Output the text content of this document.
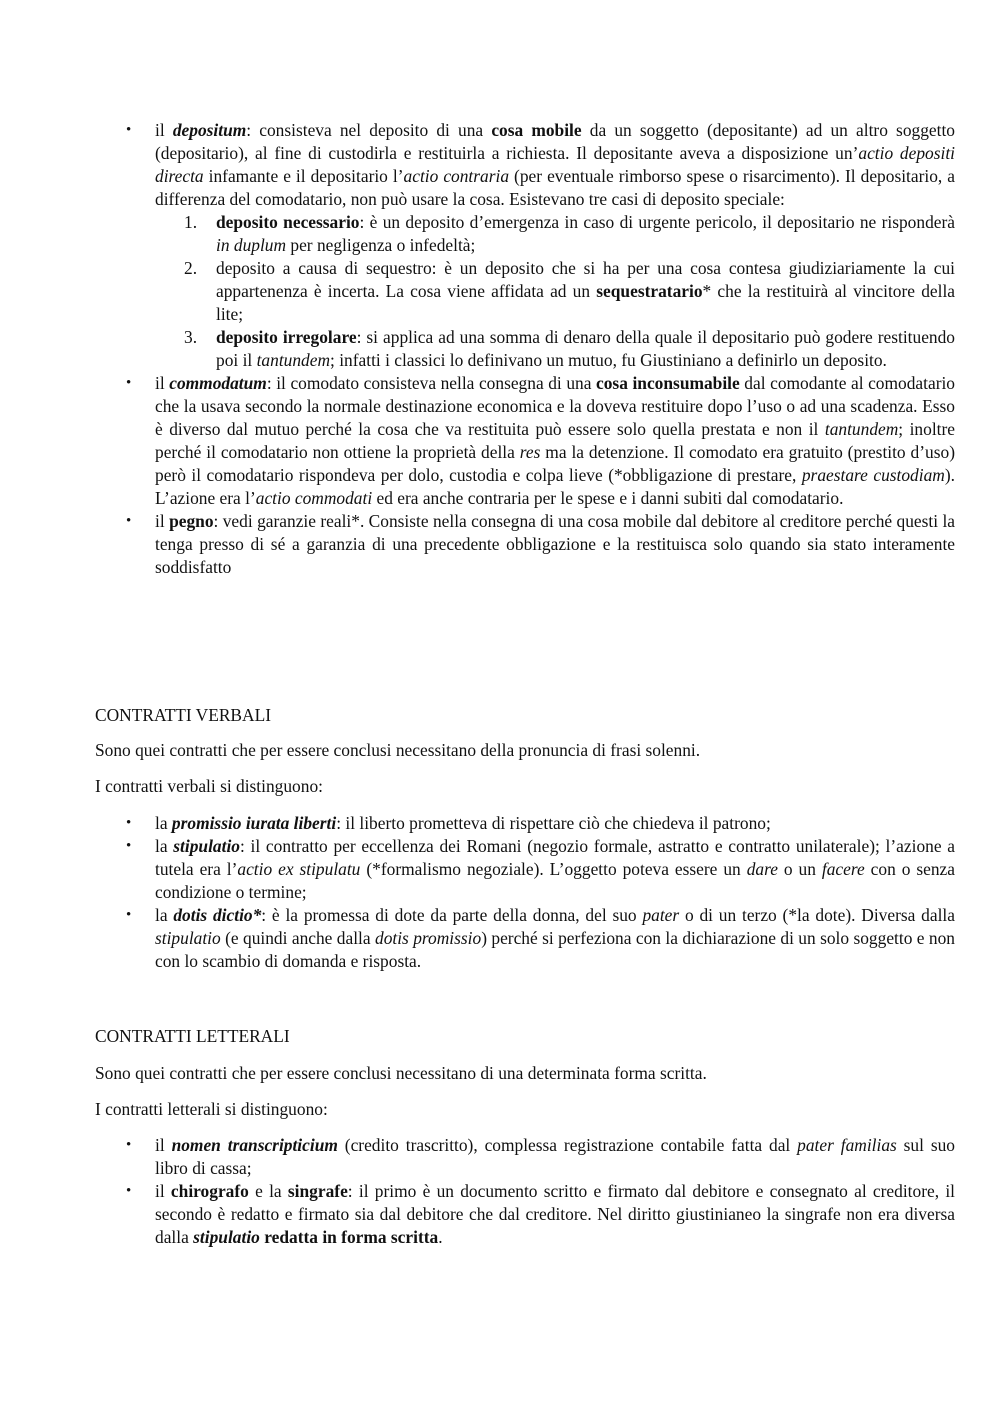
• il depositum: consisteva nel deposito di una cosa mobile da un soggetto (depositante) ad un altro soggetto (depositario), al fine di custodirla e restituirla a richiesta. Il depositante aveva a disposizione un’actio depositi directa infamante e il depositario l’actio contraria (per eventuale rimborso spese o risarcimento). Il depositario, a differenza del comodatario, non può usare la cosa. Esistevano tre casi di deposito speciale:
1. deposito necessario: è un deposito d’emergenza in caso di urgente pericolo, il depositario ne risponderà in duplum per negligenza o infedeltà;
2. deposito a causa di sequestro: è un deposito che si ha per una cosa contesa giudiziariamente la cui appartenenza è incerta. La cosa viene affidata ad un sequestratario* che la restituirà al vincitore della lite;
3. deposito irregolare: si applica ad una somma di denaro della quale il depositario può godere restituendo poi il tantundem; infatti i classici lo definivano un mutuo, fu Giustiniano a definirlo un deposito.
• il commodatum: il comodato consisteva nella consegna di una cosa inconsumabile dal comodante al comodatario che la usava secondo la normale destinazione economica e la doveva restituire dopo l’uso o ad una scadenza. Esso è diverso dal mutuo perché la cosa che va restituita può essere solo quella prestata e non il tantundem; inoltre perché il comodatario non ottiene la proprietà della res ma la detenzione. Il comodato era gratuito (prestito d’uso) però il comodatario rispondeva per dolo, custodia e colpa lieve (*obbligazione di prestare, praestare custodiam). L’azione era l’actio commodati ed era anche contraria per le spese e i danni subiti dal comodatario.
• il pegno: vedi garanzie reali*. Consiste nella consegna di una cosa mobile dal debitore al creditore perché questi la tenga presso di sé a garanzia di una precedente obbligazione e la restituisca solo quando sia stato interamente soddisfatto
CONTRATTI VERBALI

Sono quei contratti che per essere conclusi necessitano della pronuncia di frasi solenni.

I contratti verbali si distinguono:

• la promissio iurata liberti: il liberto prometteva di rispettare ciò che chiedeva il patrono;
• la stipulatio: il contratto per eccellenza dei Romani (negozio formale, astratto e contratto unilaterale); l’azione a tutela era l’actio ex stipulatu (*formalismo negoziale). L’oggetto poteva essere un dare o un facere con o senza condizione o termine;
• la dotis dictio*: è la promessa di dote da parte della donna, del suo pater o di un terzo (*la dote). Diversa dalla stipulatio (e quindi anche dalla dotis promissio) perché si perfeziona con la dichiarazione di un solo soggetto e non con lo scambio di domanda e risposta.
CONTRATTI LETTERALI

Sono quei contratti che per essere conclusi necessitano di una determinata forma scritta.

I contratti letterali si distinguono:

• il nomen transcripticium (credito trascritto), complessa registrazione contabile fatta dal pater familias sul suo libro di cassa;
• il chirografo e la singrafe: il primo è un documento scritto e firmato dal debitore e consegnato al creditore, il secondo è redatto e firmato sia dal debitore che dal creditore. Nel diritto giustinianeo la singrafe non era diversa dalla stipulatio redatta in forma scritta.
